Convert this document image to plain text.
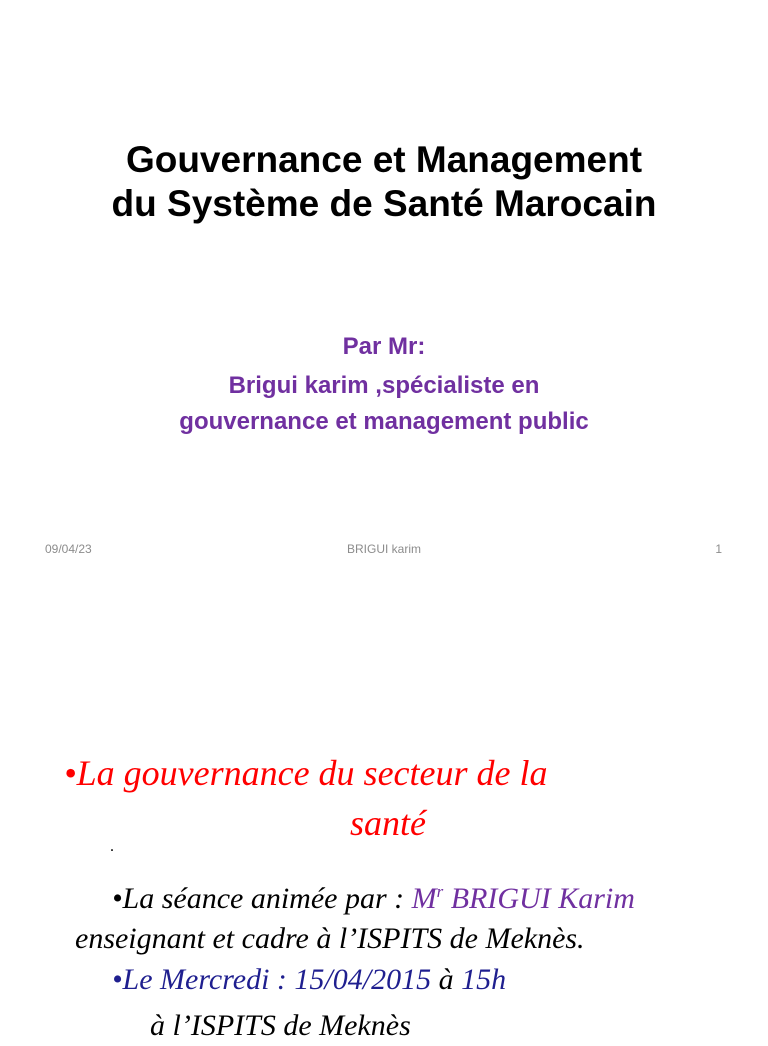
Gouvernance et Management
du Système de Santé Marocain
Par Mr:
Brigui karim ,spécialiste en
gouvernance et management public
09/04/23	BRIGUI karim	1
•La gouvernance du secteur de la
santé
.
•La séance animée par : $M^r$ BRIGUI Karim
enseignant et cadre à l’ISPITS de Meknès.
•Le Mercredi : 15/04/2015 à 15h
à l’ISPITS de Meknès
